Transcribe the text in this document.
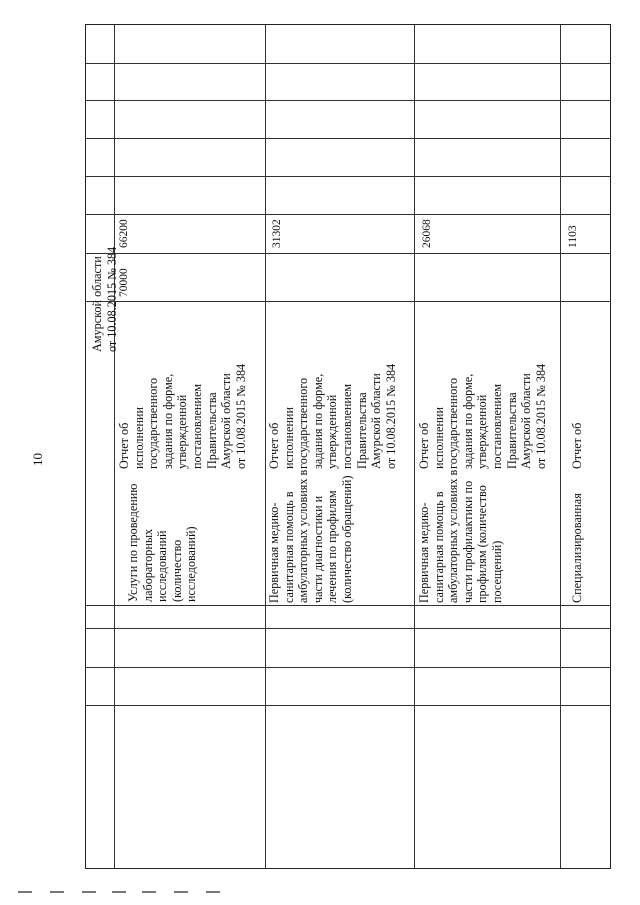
10
Амурской области от 10.08.2015 № 384
Услуги по проведению лабораторных исследований (количество исследований)
Отчет об исполнении государственного задания по форме, утвержденной постановлением Правительства Амурской области от 10.08.2015 № 384
70000
66200
Первичная медико- санитарная помощь в амбулаторных условиях в части диагностики и лечения по профилям (количество обращений)
Отчет об исполнении государственного задания по форме, утвержденной постановлением Правительства Амурской области от 10.08.2015 № 384
31302
Первичная медико- санитарная помощь в амбулаторных условиях в части профилактики по профилям (количество посещений)
Отчет об исполнении государственного задания по форме, утвержденной постановлением Правительства Амурской области от 10.08.2015 № 384
26068
Специализированная
Отчет об
1103
